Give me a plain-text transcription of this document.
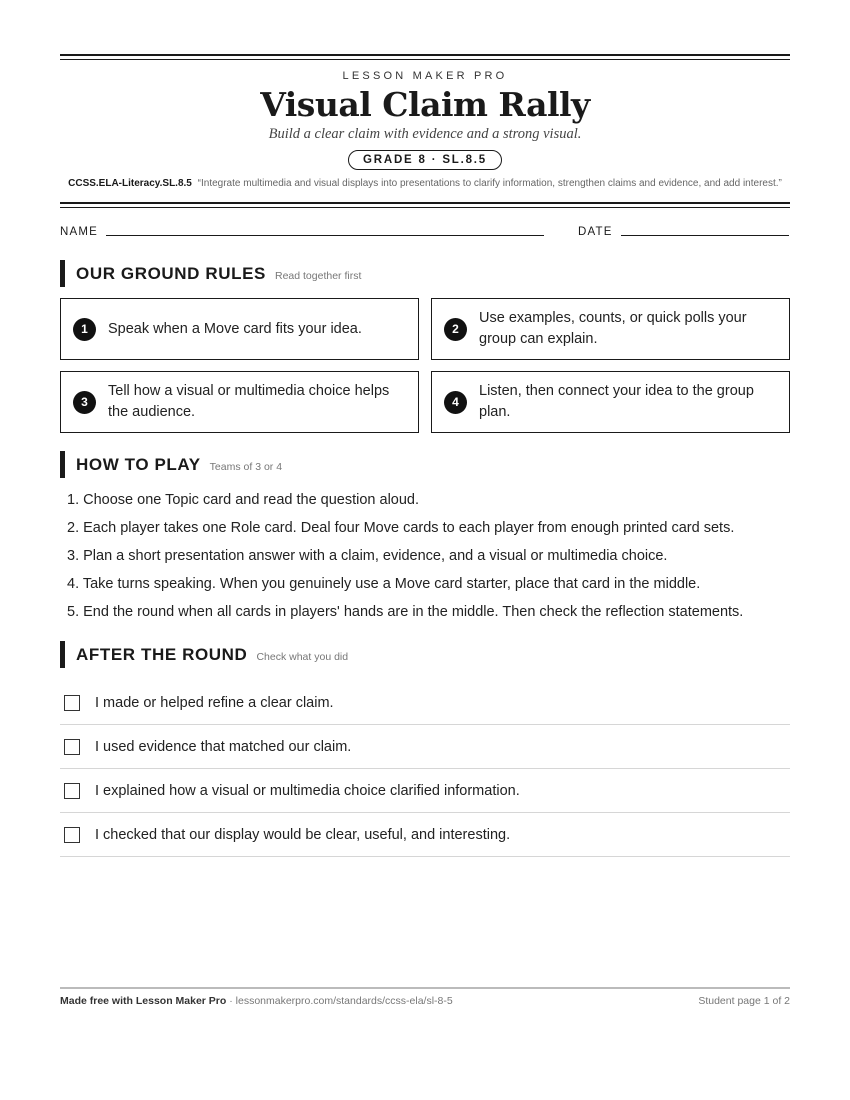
LESSON MAKER PRO
Visual Claim Rally
Build a clear claim with evidence and a strong visual.
GRADE 8 · SL.8.5
CCSS.ELA-Literacy.SL.8.5 “Integrate multimedia and visual displays into presentations to clarify information, strengthen claims and evidence, and add interest.”
NAME	DATE
OUR GROUND RULES Read together first
1	Speak when a Move card fits your idea.	2
Use examples, counts, or quick polls your group can explain.
3
Tell how a visual or multimedia choice helps the audience.
4
Listen, then connect your idea to the group plan.
HOW TO PLAY Teams of 3 or 4
1. Choose one Topic card and read the question aloud.
2. Each player takes one Role card. Deal four Move cards to each player from enough printed card sets.
3. Plan a short presentation answer with a claim, evidence, and a visual or multimedia choice.
4. Take turns speaking. When you genuinely use a Move card starter, place that card in the middle.
5. End the round when all cards in players' hands are in the middle. Then check the reflection statements.
AFTER THE ROUND Check what you did
I made or helped refine a clear claim.
I used evidence that matched our claim.
I explained how a visual or multimedia choice clarified information.
I checked that our display would be clear, useful, and interesting.
Made free with Lesson Maker Pro · lessonmakerpro.com/standards/ccss-ela/sl-8-5	Student page 1 of 2
